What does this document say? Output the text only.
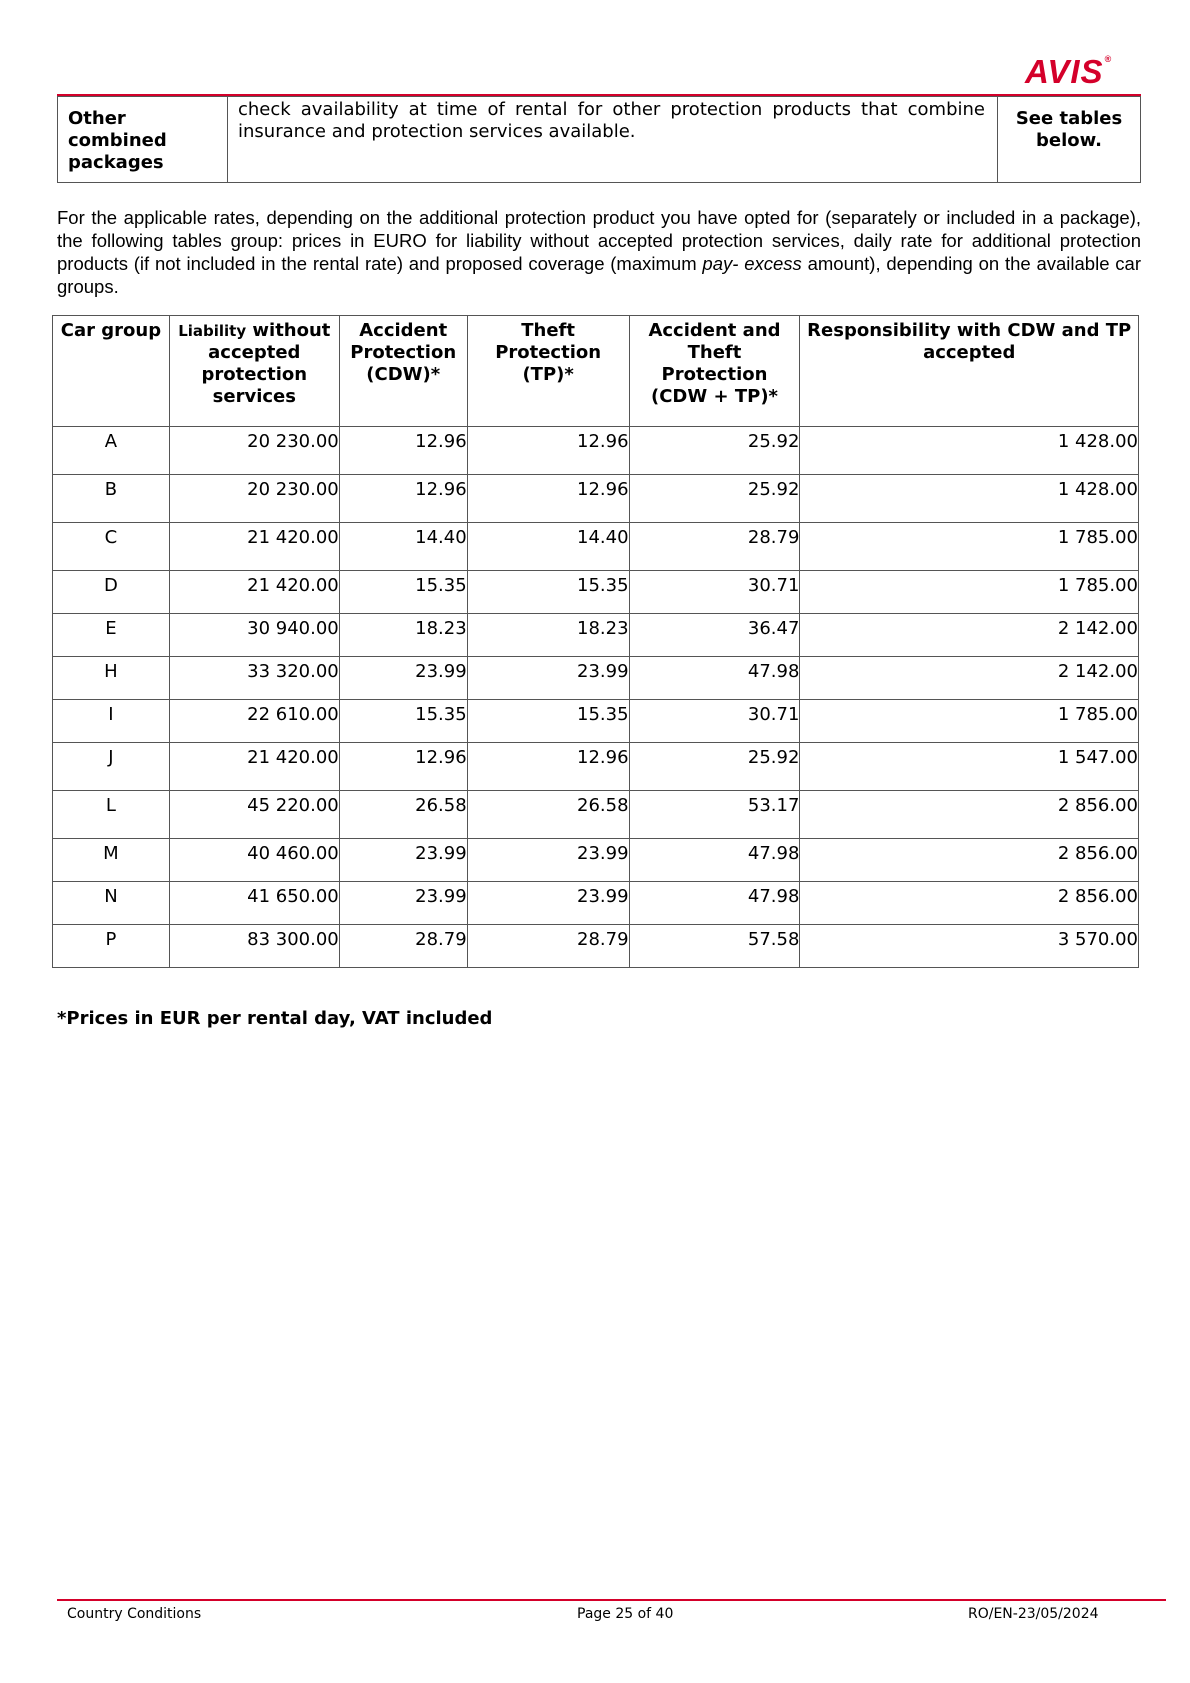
AVIS®
Other combined packages	check availability at time of rental for other protection products that combine insurance and protection services available.	See tables below.

For the applicable rates, depending on the additional protection product you have opted for (separately or included in a package), the following tables group: prices in EURO for liability without accepted protection services, daily rate for additional protection products (if not included in the rental rate) and proposed coverage (maximum pay- excess amount), depending on the available car groups.

Car group	Liability without accepted protection services	Accident Protection (CDW)*	Theft Protection (TP)*	Accident and Theft Protection (CDW + TP)*	Responsibility with CDW and TP accepted
A	20 230.00	12.96	12.96	25.92	1 428.00
B	20 230.00	12.96	12.96	25.92	1 428.00
C	21 420.00	14.40	14.40	28.79	1 785.00
D	21 420.00	15.35	15.35	30.71	1 785.00
E	30 940.00	18.23	18.23	36.47	2 142.00
H	33 320.00	23.99	23.99	47.98	2 142.00
I	22 610.00	15.35	15.35	30.71	1 785.00
J	21 420.00	12.96	12.96	25.92	1 547.00
L	45 220.00	26.58	26.58	53.17	2 856.00
M	40 460.00	23.99	23.99	47.98	2 856.00
N	41 650.00	23.99	23.99	47.98	2 856.00
P	83 300.00	28.79	28.79	57.58	3 570.00
*Prices in EUR per rental day, VAT included
Country Conditions	Page 25 of 40	RO/EN-23/05/2024
